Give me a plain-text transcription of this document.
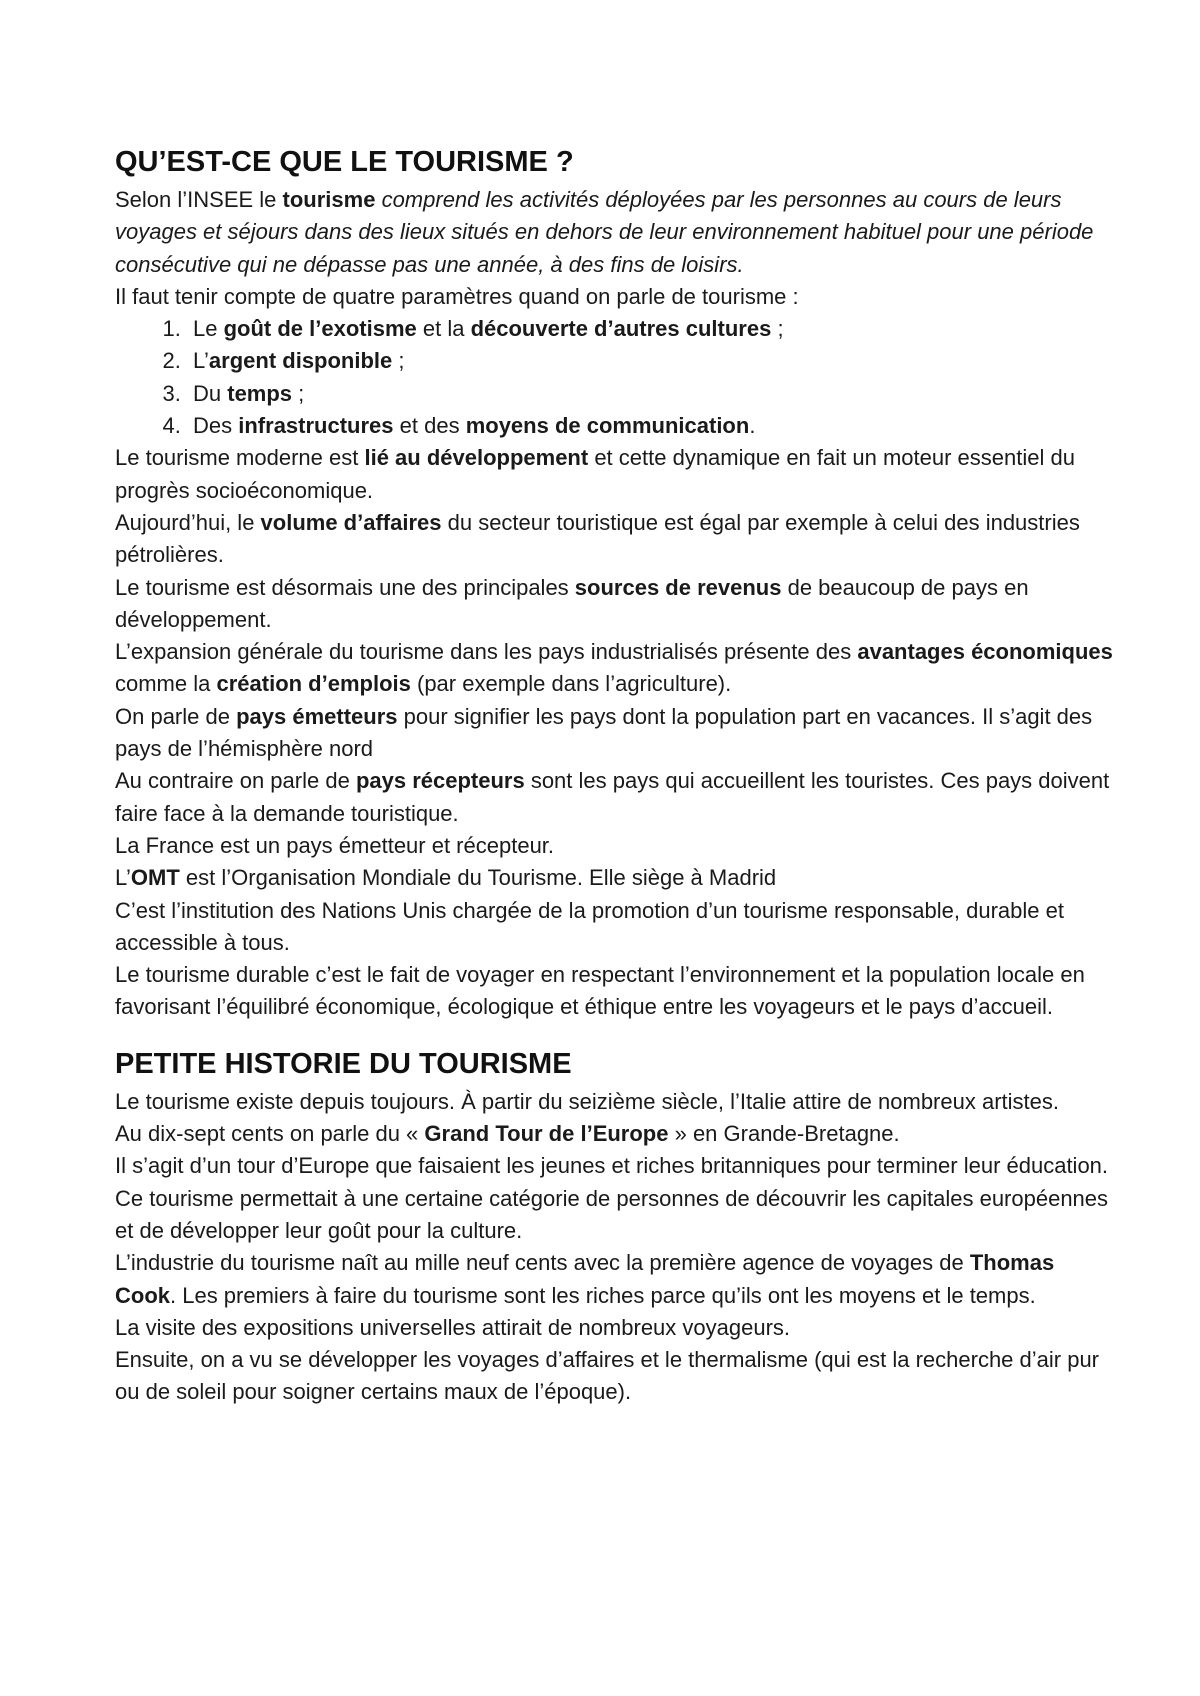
QU’EST-CE QUE LE TOURISME ?

Selon l’INSEE le tourisme comprend les activités déployées par les personnes au cours de leurs voyages et séjours dans des lieux situés en dehors de leur environnement habituel pour une période consécutive qui ne dépasse pas une année, à des fins de loisirs.

Il faut tenir compte de quatre paramètres quand on parle de tourisme :

1. Le goût de l’exotisme et la découverte d’autres cultures ;
2. L’argent disponible ;
3. Du temps ;
4. Des infrastructures et des moyens de communication.

Le tourisme moderne est lié au développement et cette dynamique en fait un moteur essentiel du progrès socioéconomique.

Aujourd’hui, le volume d’affaires du secteur touristique est égal par exemple à celui des industries pétrolières.

Le tourisme est désormais une des principales sources de revenus de beaucoup de pays en développement.

L’expansion générale du tourisme dans les pays industrialisés présente des avantages économiques comme la création d’emplois (par exemple dans l’agriculture).

On parle de pays émetteurs pour signifier les pays dont la population part en vacances. Il s’agit des pays de l’hémisphère nord

Au contraire on parle de pays récepteurs sont les pays qui accueillent les touristes. Ces pays doivent faire face à la demande touristique.

La France est un pays émetteur et récepteur.

L’OMT est l’Organisation Mondiale du Tourisme. Elle siège à Madrid

C’est l’institution des Nations Unis chargée de la promotion d’un tourisme responsable, durable et accessible à tous.

Le tourisme durable c’est le fait de voyager en respectant l’environnement et la population locale en favorisant l’équilibré économique, écologique et éthique entre les voyageurs et le pays d’accueil.

PETITE HISTORIE DU TOURISME

Le tourisme existe depuis toujours. À partir du seizième siècle, l’Italie attire de nombreux artistes.

Au dix-sept cents on parle du « Grand Tour de l’Europe » en Grande-Bretagne.

Il s’agit d’un tour d’Europe que faisaient les jeunes et riches britanniques pour terminer leur éducation.

Ce tourisme permettait à une certaine catégorie de personnes de découvrir les capitales européennes et de développer leur goût pour la culture.

L’industrie du tourisme naît au mille neuf cents avec la première agence de voyages de Thomas Cook. Les premiers à faire du tourisme sont les riches parce qu’ils ont les moyens et le temps.

La visite des expositions universelles attirait de nombreux voyageurs.

Ensuite, on a vu se développer les voyages d’affaires et le thermalisme (qui est la recherche d’air pur ou de soleil pour soigner certains maux de l’époque).
